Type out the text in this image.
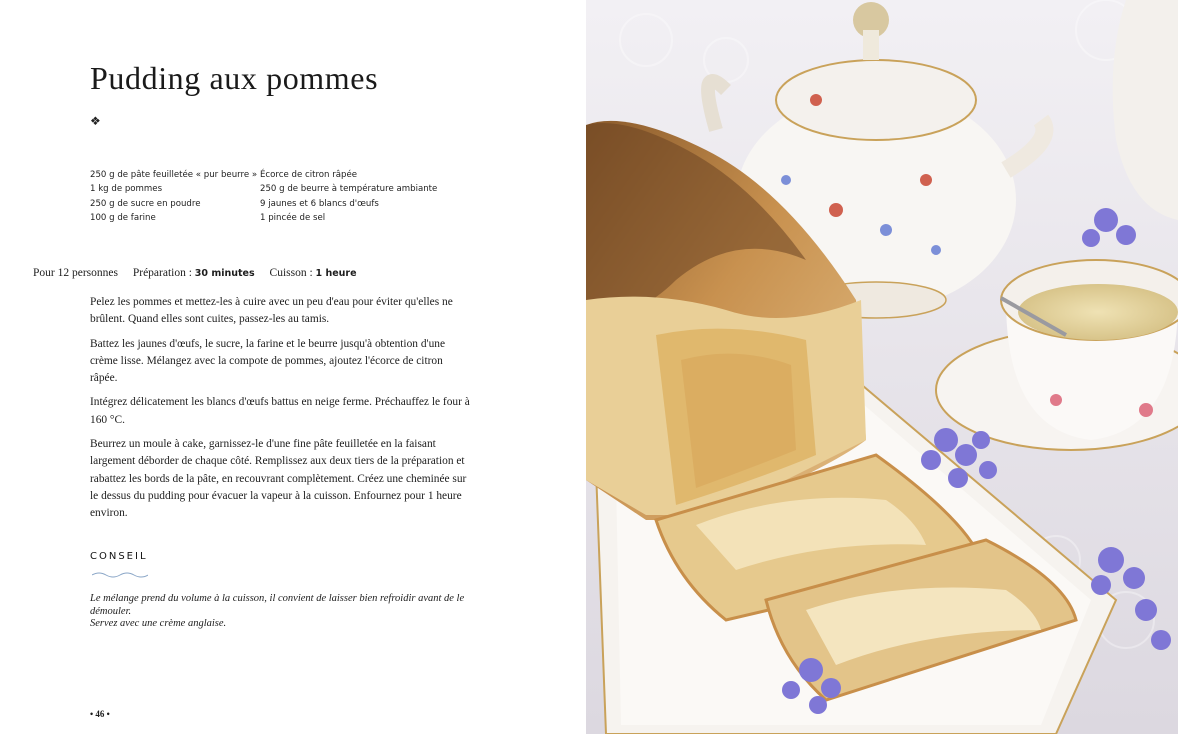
Pudding aux pommes
❖
250 g de pâte feuilletée « pur beurre »
1 kg de pommes
250 g de sucre en poudre
100 g de farine
Écorce de citron râpée
250 g de beurre à température ambiante
9 jaunes et 6 blancs d'œufs
1 pincée de sel
Pour 12 personnes Préparation : 30 minutes Cuisson : 1 heure

Pelez les pommes et mettez-les à cuire avec un peu d'eau pour éviter qu'elles ne brûlent. Quand elles sont cuites, passez-les au tamis.

Battez les jaunes d'œufs, le sucre, la farine et le beurre jusqu'à obtention d'une crème lisse. Mélangez avec la compote de pommes, ajoutez l'écorce de citron râpée.

Intégrez délicatement les blancs d'œufs battus en neige ferme. Préchauffez le four à 160 °C.

Beurrez un moule à cake, garnissez-le d'une fine pâte feuilletée en la faisant largement déborder de chaque côté. Remplissez aux deux tiers de la préparation et rabattez les bords de la pâte, en recouvrant complètement. Créez une cheminée sur le dessus du pudding pour évacuer la vapeur à la cuisson. Enfournez pour 1 heure environ.

CONSEIL

Le mélange prend du volume à la cuisson, il convient de laisser bien refroidir avant de le démouler.

Servez avec une crème anglaise.

• 46 •
